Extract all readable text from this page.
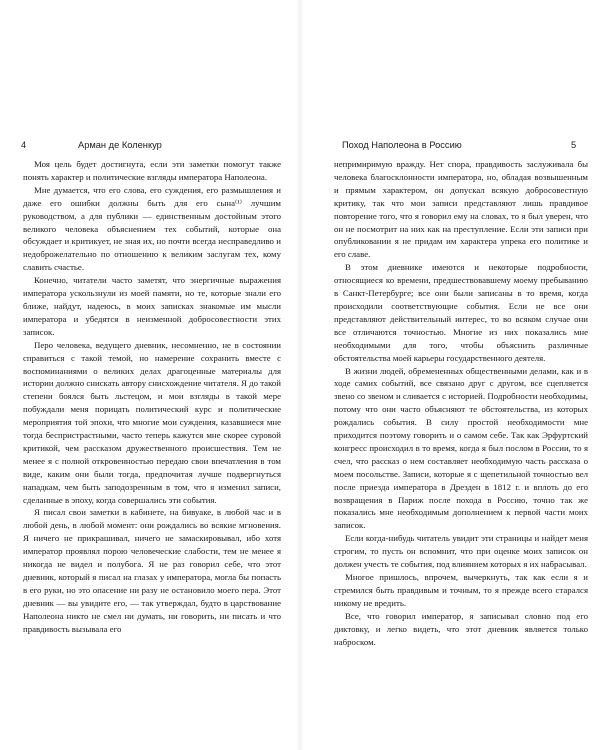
4	Арман де Коленкур

Моя цель будет достигнута, если эти заметки помогут также понять характер и политические взгляды императора Наполеона.

Мне думается, что его слова, его суждения, его размышления и даже его ошибки должны быть для его сына⁽¹⁾ лучшим руководством, а для публики — единственным достойным этого великого человека объяснением тех событий, которые она обсуждает и критикует, не зная их, но почти всегда несправедливо и недоброжелательно по отношению к великим заслугам тех, кому славить счастье.

Конечно, читатели часто заметят, что энергичные выражения императора ускользнули из моей памяти, но те, которые знали его ближе, найдут, надеюсь, в моих записках знакомые им мысли императора и убедятся в неизменной добросовестности этих записок.

Перо человека, ведущего дневник, несомненно, не в состоянии справиться с такой темой, но намерение сохранить вместе с воспоминаниями о великих делах драгоценные материалы для истории должно снискать автору снисхождение читателя. Я до такой степени боялся быть льстецом, и мои взгляды в такой мере побуждали меня порицать политический курс и политические мероприятия той эпохи, что многие мои суждения, казавшиеся мне тогда беспристрастными, часто теперь кажутся мне скорее суровой критикой, чем рассказом дружественного происшествия. Тем не менее я с полной откровенностью передаю свои впечатления в том виде, каким они были тогда, предпочитая лучше подвергнуться нападкам, чем быть заподозренным в том, что я изменил записи, сделанные в эпоху, когда совершались эти события.

Я писал свои заметки в кабинете, на бивуаке, в любой час и в любой день, в любой момент: они рождались во всякие мгновения. Я ничего не прикрашивал, ничего не замаскировывал, ибо хотя император проявлял порою человеческие слабости, тем не менее я никогда не видел и полубога. Я не раз говорил себе, что этот дневник, который я писал на глазах у императора, могла бы попасть в его руки, но это опасение ни разу не остановило моего пера. Этот дневник — вы увидите его, — так утверждал, будто в царствование Наполеона никто не смел ни думать, ни говорить, ни писать и что правдивость вызывала его

Поход Наполеона в Россию	5

непримиримую вражду. Нет спора, правдивость заслуживала бы человека благосклонности императора, но, обладая возвышенным и прямым характером, он допускал всякую добросовестную критику, так что мои записи представляют лишь правдивое повторение того, что я говорил ему на словах, то я был уверен, что он не посмотрит на них как на преступление. Если эти записи при опубликовании я не придам им характера упрека его политике и его славе.

В этом дневнике имеются и некоторые подробности, относящиеся ко времени, предшествовавшему моему пребыванию в Санкт-Петербурге; все они были записаны в то время, когда происходили соответствующие события. Если не все они представляют действительный интерес, то во всяком случае они все отличаются точностью. Многие из них показались мне необходимыми для того, чтобы объяснить различные обстоятельства моей карьеры государственного деятеля.

В жизни людей, обремененных общественными делами, как и в ходе самих событий, все связано друг с другом, все сцепляется звено со звеном и сливается с историей. Подробности необходимы, потому что они часто объясняют те обстоятельства, из которых рождались события. В силу простой необходимости мне приходится поэтому говорить и о самом себе. Так как Эрфуртский конгресс происходил в то время, когда я был послом в России, то я счел, что рассказ о нем составляет необходимую часть рассказа о моем посольстве. Записи, которые я с щепетильной точностью вел после приезда императора в Дрезден в 1812 г. и вплоть до его возвращения в Париж после похода в Россию, точно так же показались мне необходимым дополнением к первой части моих записок.

Если когда-нибудь читатель увидит эти страницы и найдет меня строгим, то пусть он вспомнит, что при оценке моих записок он должен учесть те события, под влиянием которых я их набрасывал.

Многое пришлось, впрочем, вычеркнуть, так как если я и стремился быть правдивым и точным, то я прежде всего старался никому не вредить.

Все, что говорил император, я записывал словно под его диктовку, и легко видеть, что этот дневник является только наброском.
